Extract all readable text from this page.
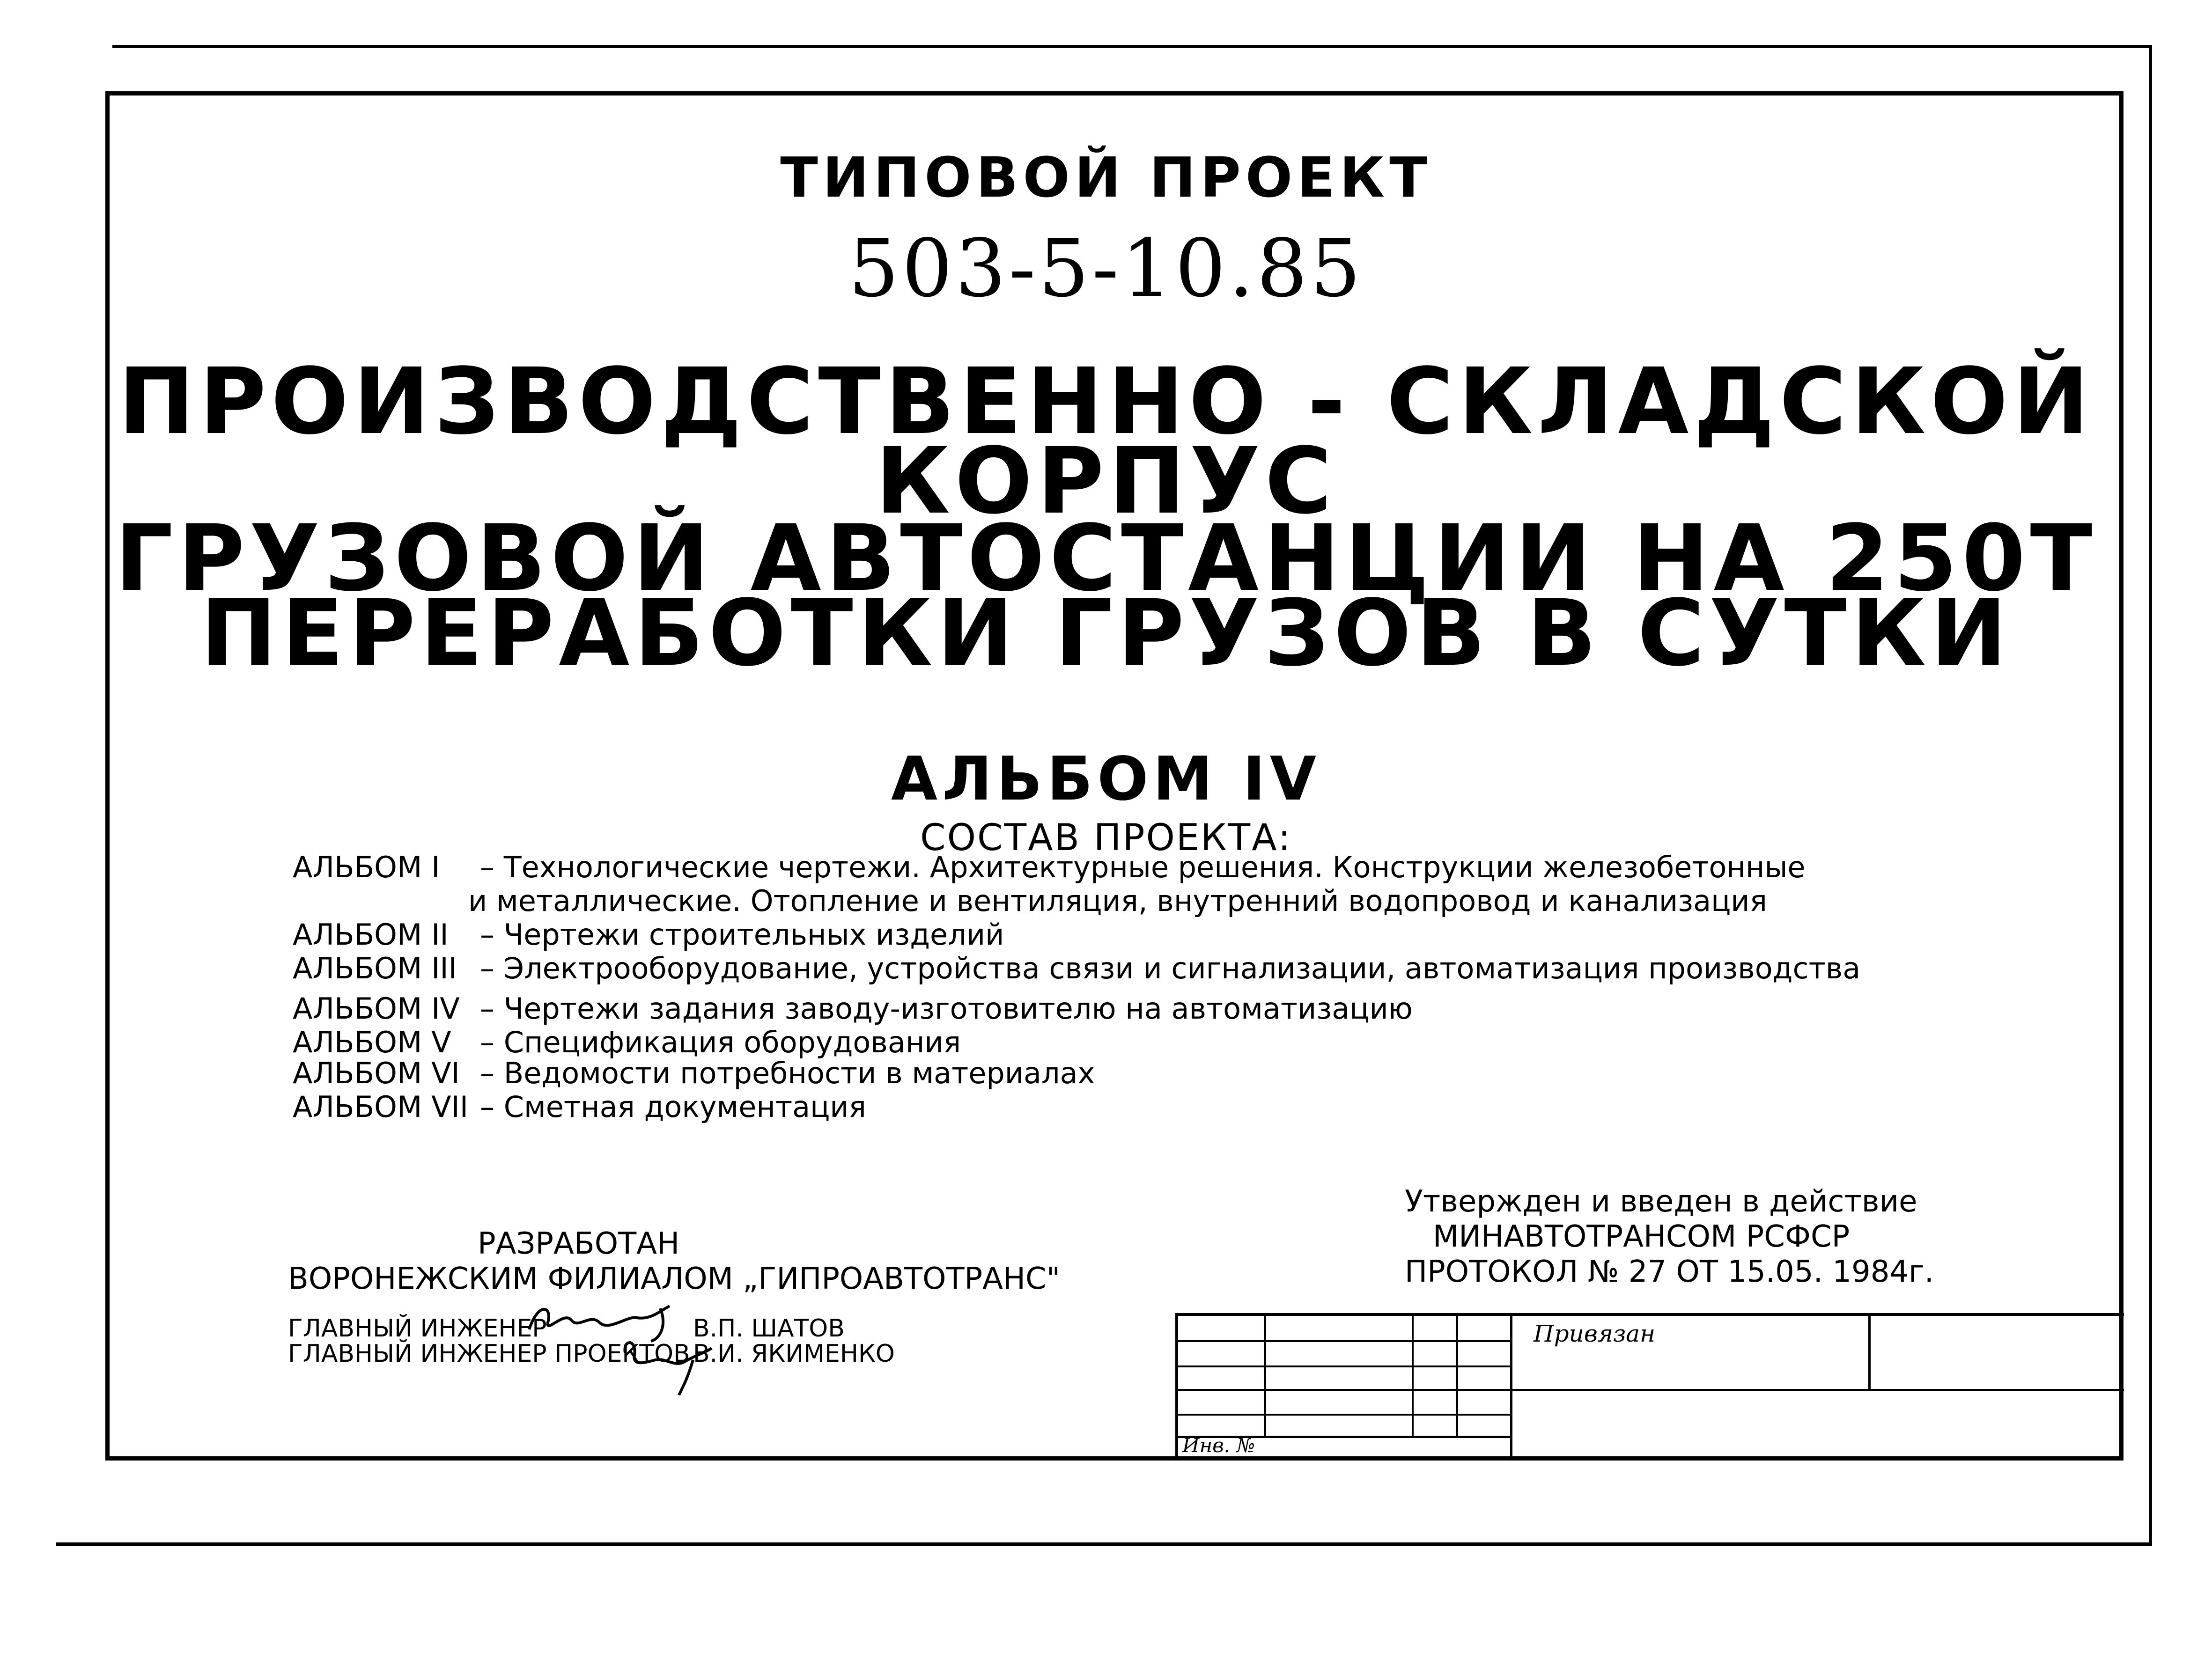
ТИПОВОЙ ПРОЕКТ
503-5-10.85
ПРОИЗВОДСТВЕННО - СКЛАДСКОЙ
КОРПУС
ГРУЗОВОЙ АВТОСТАНЦИИ НА 250Т
ПЕРЕРАБОТКИ ГРУЗОВ В СУТКИ
АЛЬБОМ IV
СОСТАВ ПРОЕКТА:
АЛЬБОМ I – Технологические чертежи. Архитектурные решения. Конструкции железобетонные
и металлические. Отопление и вентиляция, внутренний водопровод и канализация
АЛЬБОМ II – Чертежи строительных изделий
АЛЬБОМ III – Электрооборудование, устройства связи и сигнализации, автоматизация производства
АЛЬБОМ IV – Чертежи задания заводу-изготовителю на автоматизацию
АЛЬБОМ V – Спецификация оборудования
АЛЬБОМ VI – Ведомости потребности в материалах
АЛЬБОМ VII – Сметная документация
РАЗРАБОТАН
ВОРОНЕЖСКИМ ФИЛИАЛОМ „ГИПРОАВТОТРАНС"
ГЛАВНЫЙ ИНЖЕНЕР	В.П. ШАТОВ
ГЛАВНЫЙ ИНЖЕНЕР ПРОЕКТОВ В.И. ЯКИМЕНКО
Утвержден и введен в действие
МИНАВТОТРАНСОМ РСФСР
ПРОТОКОЛ № 27 ОТ 15.05. 1984г.
Привязан
Инв. №
